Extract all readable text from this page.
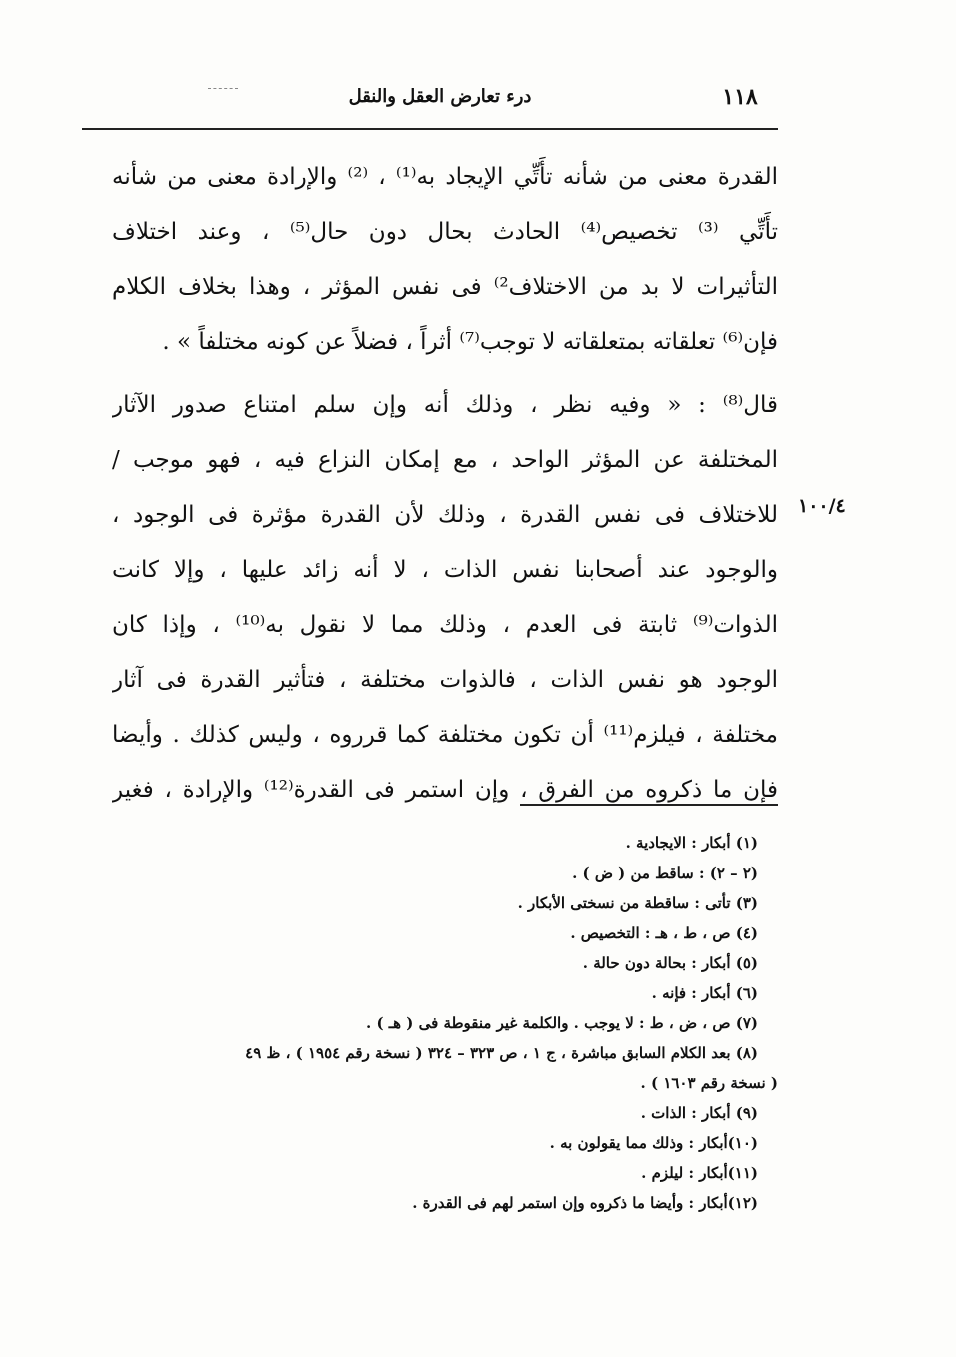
١١٨
درء تعارض العقل والنقل
القدرة معنى من شأنه تأَتِّي الإيجاد به⁽¹⁾ ، ⁽²⁾ والإرادة معنى من شأنه
تأَتِّي ⁽³⁾ تخصيص⁽⁴⁾ الحادث بحال دون حال⁽⁵⁾ ، وعند اختلاف
التأثيرات لا بد من الاختلاف²⁾ فى نفس المؤثر ، وهذا بخلاف الكلام
فإن⁽⁶⁾ تعلقاته بمتعلقاته لا توجب⁽⁷⁾ أثراً ، فضلاً عن كونه مختلفاً » .
قال⁽⁸⁾ : « وفيه نظر ، وذلك أنه وإن سلم امتناع صدور الآثار
المختلفة عن المؤثر الواحد ، مع إمكان النزاع فيه ، فهو موجب /
للاختلاف فى نفس القدرة ، وذلك لأن القدرة مؤثرة فى الوجود ،
والوجود عند أصحابنا نفس الذات ، لا أنه زائد عليها ، وإلا كانت
الذوات⁽⁹⁾ ثابتة فى العدم ، وذلك مما لا نقول به⁽¹⁰⁾ ، وإذا كان
الوجود هو نفس الذات ، فالذوات مختلفة ، فتأثير القدرة فى آثار
مختلفة ، فيلزم⁽¹¹⁾ أن تكون مختلفة كما قرروه ، وليس كذلك . وأيضا
فإن ما ذكروه من الفرق ، وإن استمر فى القدرة⁽¹²⁾ والإرادة ، فغير
١٠٠/٤
(١) أبكار : الايجادية .
(٢ – ٢) : ساقط من ( ض ) .
(٣) تأتى : ساقطة من نسختى الأبكار .
(٤) ص ، ط ، هـ : التخصيص .
(٥) أبكار : بحالة دون حالة .
(٦) أبكار : فإنه .
(٧) ص ، ض ، ط : لا يوجب . والكلمة غير منقوطة فى ( هـ ) .
(٨) بعد الكلام السابق مباشرة ، ج ١ ، ص ٣٢٣ – ٣٢٤ ( نسخة رقم ١٩٥٤ ) ، ظ ٤٩
( نسخة رقم ١٦٠٣ ) .
(٩) أبكار : الذات .
(١٠)أبكار : وذلك مما يقولون به .
(١١)أبكار : ليلزم .
(١٢)أبكار : وأيضا ما ذكروه وإن استمر لهم فى القدرة .
